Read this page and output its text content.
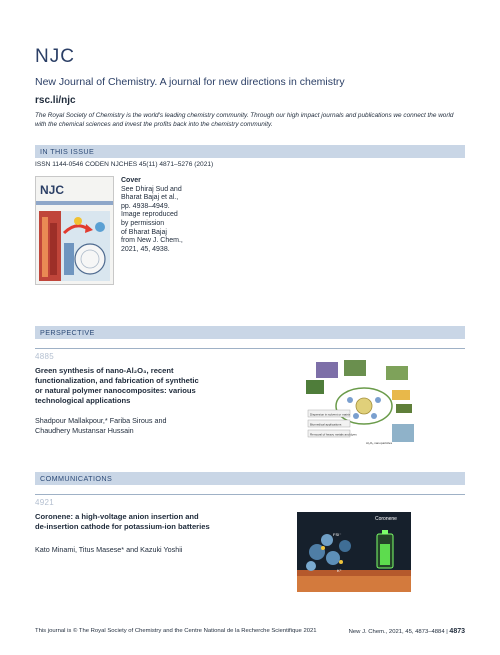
NJC
New Journal of Chemistry. A journal for new directions in chemistry
rsc.li/njc
The Royal Society of Chemistry is the world's leading chemistry community. Through our high impact journals and publications we connect the world with the chemical sciences and invest the profits back into the chemistry community.
IN THIS ISSUE
ISSN 1144-0546 CODEN NJCHES 45(11) 4871–5276 (2021)
NJC
Cover
See Dhiraj Sud and
Bharat Bajaj et al.,
pp. 4938–4949.
Image reproduced
by permission
of Bharat Bajaj
from New J. Chem.,
2021, 45, 4938.
PERSPECTIVE
4885
Green synthesis of nano-Al₂O₃, recent
functionalization, and fabrication of synthetic
or natural polymer nanocomposites: various
technological applications
Shadpour Mallakpour,* Fariba Sirous and
Chaudhery Mustansar Hussain
Dispersion in solvent or matrix
Biomedical applications
Removal of heavy metals and dyes
Al₂O₃ nanoparticles
COMMUNICATIONS
4921
Coronene: a high-voltage anion insertion and
de-insertion cathode for potassium-ion batteries
Kato Minami, Titus Masese* and Kazuki Yoshii
Coronene
FSI⁻
K⁺
This journal is © The Royal Society of Chemistry and the Centre National de la Recherche Scientifique 2021	New J. Chem., 2021, 45, 4873–4884 | 4873
